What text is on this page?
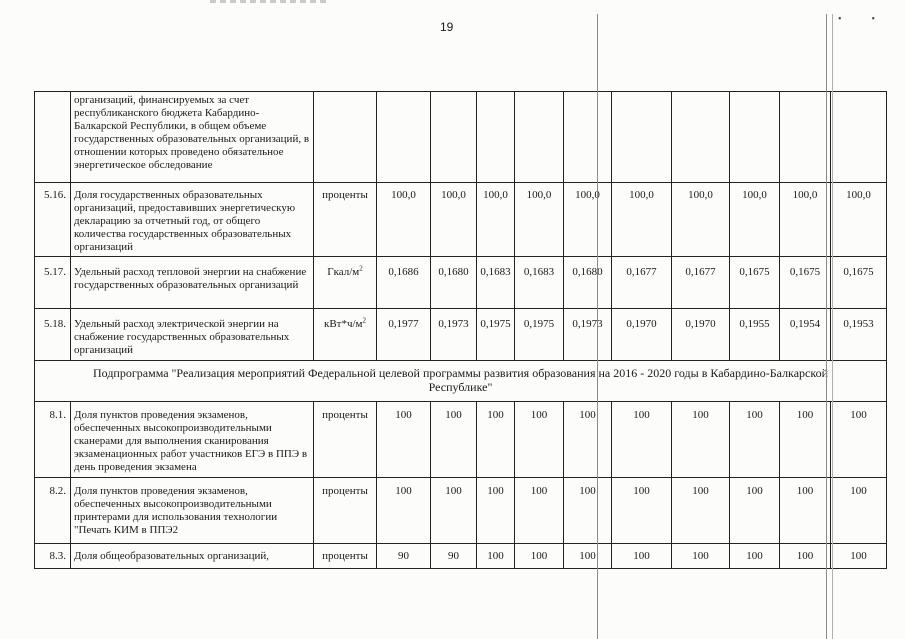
19
••
	организаций, финансируемых за счет республиканского бюджета Кабардино-Балкарской Республики, в общем объеме государственных образовательных организаций, в отношении которых проведено обязательное энергетическое обследование											
5.16.	Доля государственных образовательных организаций, предоставивших энергетическую декларацию за отчетный год, от общего количества государственных образовательных организаций	проценты	100,0	100,0	100,0	100,0	100,0	100,0	100,0	100,0	100,0	100,0
5.17.	Удельный расход тепловой энергии на снабжение государственных образовательных организаций	Гкал/$м^2$	0,1686	0,1680	0,1683	0,1683	0,1680	0,1677	0,1677	0,1675	0,1675	0,1675
5.18.	Удельный расход электрической энергии на снабжение государственных образовательных организаций	$кВт*ч/м^2$	0,1977	0,1973	0,1975	0,1975	0,1973	0,1970	0,1970	0,1955	0,1954	0,1953
Подпрограмма "Реализация мероприятий Федеральной целевой программы развития образования на 2016 - 2020 годы в Кабардино-Балкарской Республике"												
8.1.	Доля пунктов проведения экзаменов, обеспеченных высокопроизводительными сканерами для выполнения сканирования экзаменационных работ участников ЕГЭ в ППЭ в день проведения экзамена	проценты	100	100	100	100	100	100	100	100	100	100
8.2.	Доля пунктов проведения экзаменов, обеспеченных высокопроизводительными принтерами для использования технологии "Печать КИМ в ППЭ2	проценты	100	100	100	100	100	100	100	100	100	100
8.3.	Доля общеобразовательных организаций,	проценты	90	90	100	100	100	100	100	100	100	100
